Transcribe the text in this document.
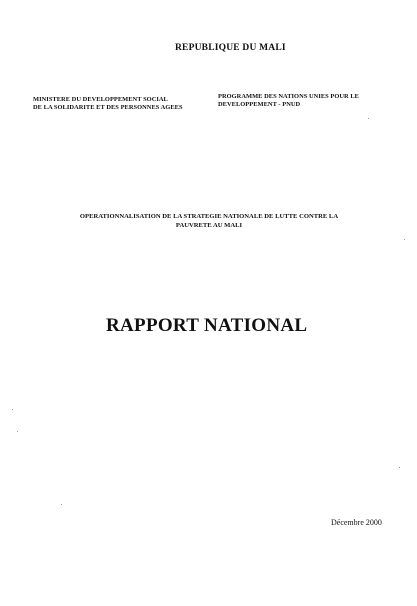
REPUBLIQUE DU MALI
MINISTERE DU DEVELOPPEMENT SOCIAL
DE LA SOLIDARITE ET DES PERSONNES AGEES
PROGRAMME DES NATIONS UNIES POUR LE
DEVELOPPEMENT - PNUD
OPERATIONNALISATION DE LA STRATEGIE NATIONALE DE LUTTE CONTRE LA
PAUVRETE AU MALI
RAPPORT NATIONAL
Décembre 2000
